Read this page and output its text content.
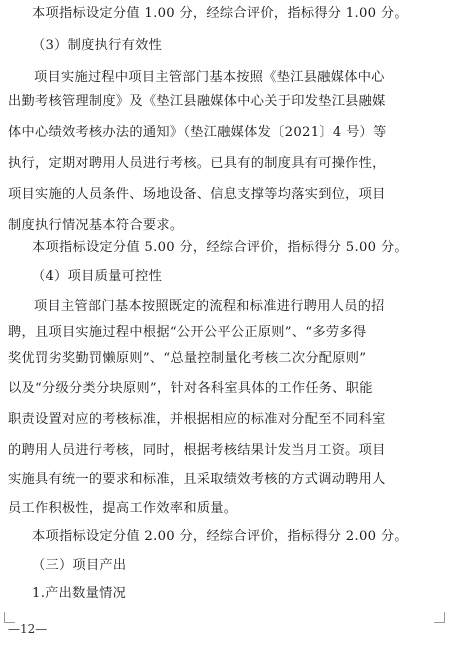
本项指标设定分值 1.00 分，经综合评价，指标得分 1.00 分。
（3）制度执行有效性
项目实施过程中项目主管部门基本按照《垫江县融媒体中心
出勤考核管理制度》及《垫江县融媒体中心关于印发垫江县融媒
体中心绩效考核办法的通知》（垫江融媒体发〔2021〕4 号）等
执行，定期对聘用人员进行考核。已具有的制度具有可操作性，
项目实施的人员条件、场地设备、信息支撑等均落实到位，项目
制度执行情况基本符合要求。
本项指标设定分值 5.00 分，经综合评价，指标得分 5.00 分。
（4）项目质量可控性
项目主管部门基本按照既定的流程和标准进行聘用人员的招
聘，且项目实施过程中根据“公开公平公正原则”、“多劳多得
奖优罚劣奖勤罚懒原则”、“总量控制量化考核二次分配原则”
以及“分级分类分块原则”，针对各科室具体的工作任务、职能
职责设置对应的考核标准，并根据相应的标准对分配至不同科室
的聘用人员进行考核，同时，根据考核结果计发当月工资。项目
实施具有统一的要求和标准，且采取绩效考核的方式调动聘用人
员工作积极性，提高工作效率和质量。
本项指标设定分值 2.00 分，经综合评价，指标得分 2.00 分。
（三）项目产出
1.产出数量情况
—12—
